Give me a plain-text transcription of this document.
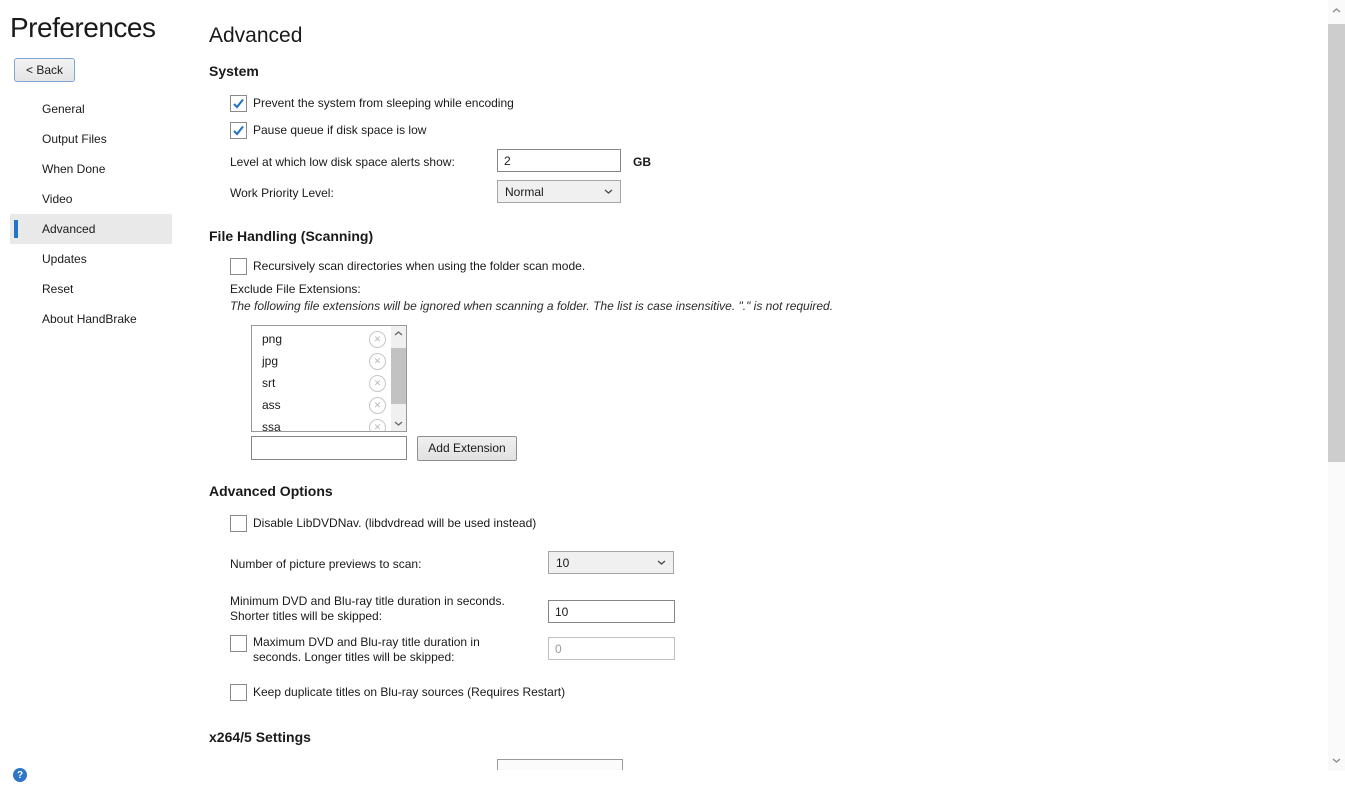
Preferences
< Back
General
Output Files
When Done
Video
Advanced
Updates
Reset
About HandBrake
Advanced
System
Prevent the system from sleeping while encoding
Pause queue if disk space is low
Level at which low disk space alerts show:
2	GB
Work Priority Level:	Normal
File Handling (Scanning)
Recursively scan directories when using the folder scan mode.
Exclude File Extensions:
The following file extensions will be ignored when scanning a folder. The list is case insensitive. "." is not required.
png	✕
jpg	✕
srt	✕
ass	✕
ssa	✕
Add Extension
Advanced Options
Disable LibDVDNav. (libdvdread will be used instead)
Number of picture previews to scan:	10
Minimum DVD and Blu-ray title duration in seconds. Shorter titles will be skipped:
10
Maximum DVD and Blu-ray title duration in seconds. Longer titles will be skipped:
0
Keep duplicate titles on Blu-ray sources (Requires Restart)
x264/5 Settings
?
